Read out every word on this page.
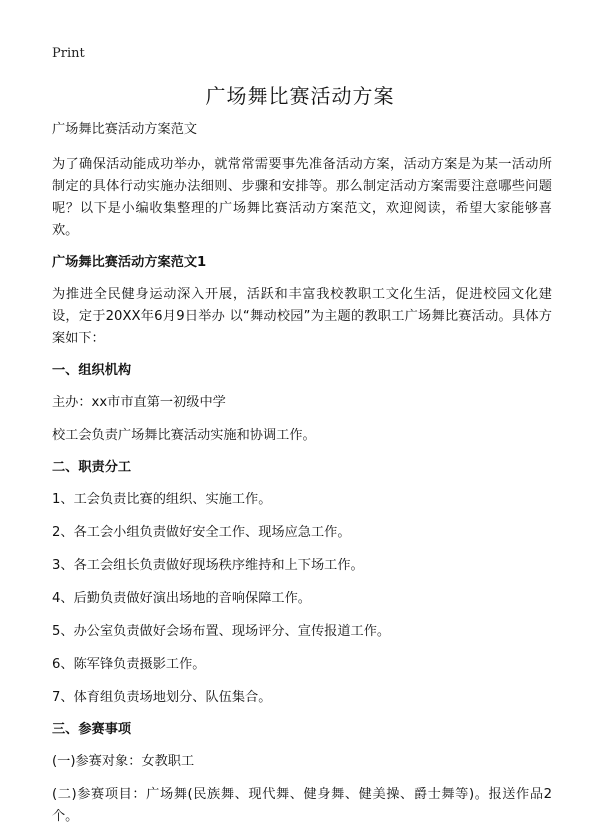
Print
广场舞比赛活动方案

广场舞比赛活动方案范文

为了确保活动能成功举办，就常常需要事先准备活动方案，活动方案是为某一活动所制定的具体行动实施办法细则、步骤和安排等。那么制定活动方案需要注意哪些问题呢？以下是小编收集整理的广场舞比赛活动方案范文，欢迎阅读，希望大家能够喜欢。

广场舞比赛活动方案范文1

为推进全民健身运动深入开展，活跃和丰富我校教职工文化生活，促进校园文化建设，定于20XX年6月9日举办 以“舞动校园”为主题的教职工广场舞比赛活动。具体方案如下：

一、组织机构

主办：xx市市直第一初级中学

校工会负责广场舞比赛活动实施和协调工作。

二、职责分工

1、工会负责比赛的组织、实施工作。

2、各工会小组负责做好安全工作、现场应急工作。

3、各工会组长负责做好现场秩序维持和上下场工作。

4、后勤负责做好演出场地的音响保障工作。

5、办公室负责做好会场布置、现场评分、宣传报道工作。

6、陈军锋负责摄影工作。

7、体育组负责场地划分、队伍集合。

三、参赛事项

(一)参赛对象：女教职工

(二)参赛项目：广场舞(民族舞、现代舞、健身舞、健美操、爵士舞等)。报送作品2个。
